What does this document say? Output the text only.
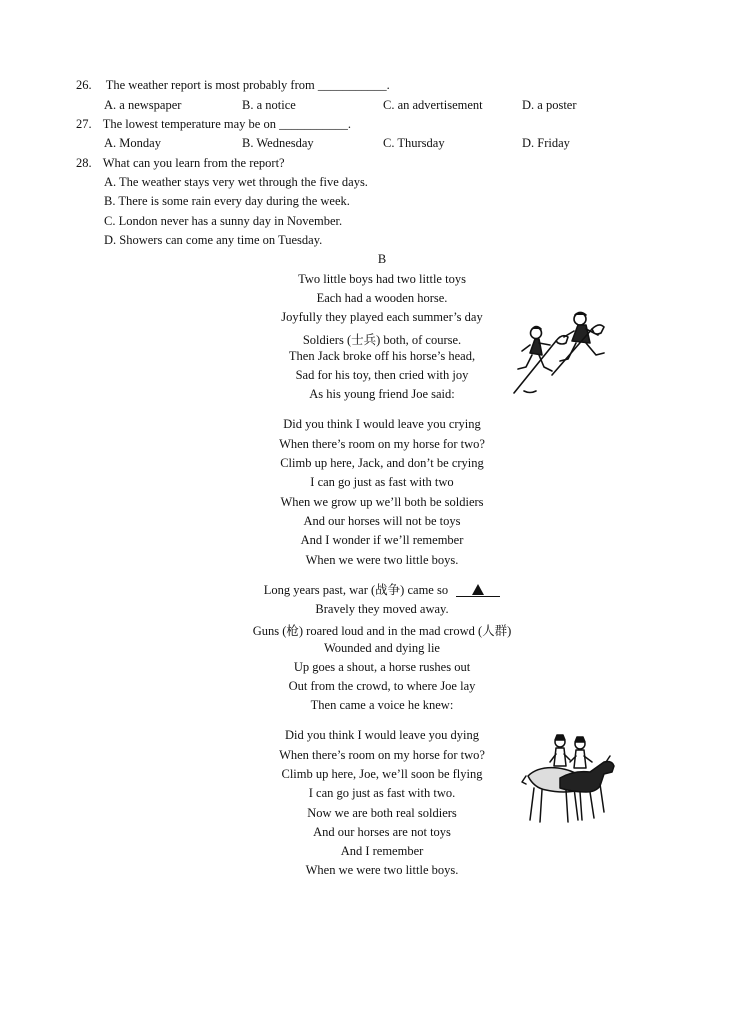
26. The weather report is most probably from ___________.
A. a newspaper	B. a notice	C. an advertisement	D. a poster
27. The lowest temperature may be on ___________.
A. Monday	B. Wednesday	C. Thursday	D. Friday
28. What can you learn from the report?
A. The weather stays very wet through the five days.
B. There is some rain every day during the week.
C. London never has a sunny day in November.
D. Showers can come any time on Tuesday.
B
Two little boys had two little toys
Each had a wooden horse.
Joyfully they played each summer’s day
Soldiers (士兵) both, of course.
Then Jack broke off his horse’s head,
Sad for his toy, then cried with joy
As his young friend Joe said:
Did you think I would leave you crying
When there’s room on my horse for two?
Climb up here, Jack, and don’t be crying
I can go just as fast with two
When we grow up we’ll both be soldiers
And our horses will not be toys
And I wonder if we’ll remember
When we were two little boys.
Long years past, war (战争) came so
Bravely they moved away.
Guns (枪) roared loud and in the mad crowd (人群)
Wounded and dying lie
Up goes a shout, a horse rushes out
Out from the crowd, to where Joe lay
Then came a voice he knew:
Did you think I would leave you dying
When there’s room on my horse for two?
Climb up here, Joe, we’ll soon be flying
I can go just as fast with two.
Now we are both real soldiers
And our horses are not toys
And I remember
When we were two little boys.
